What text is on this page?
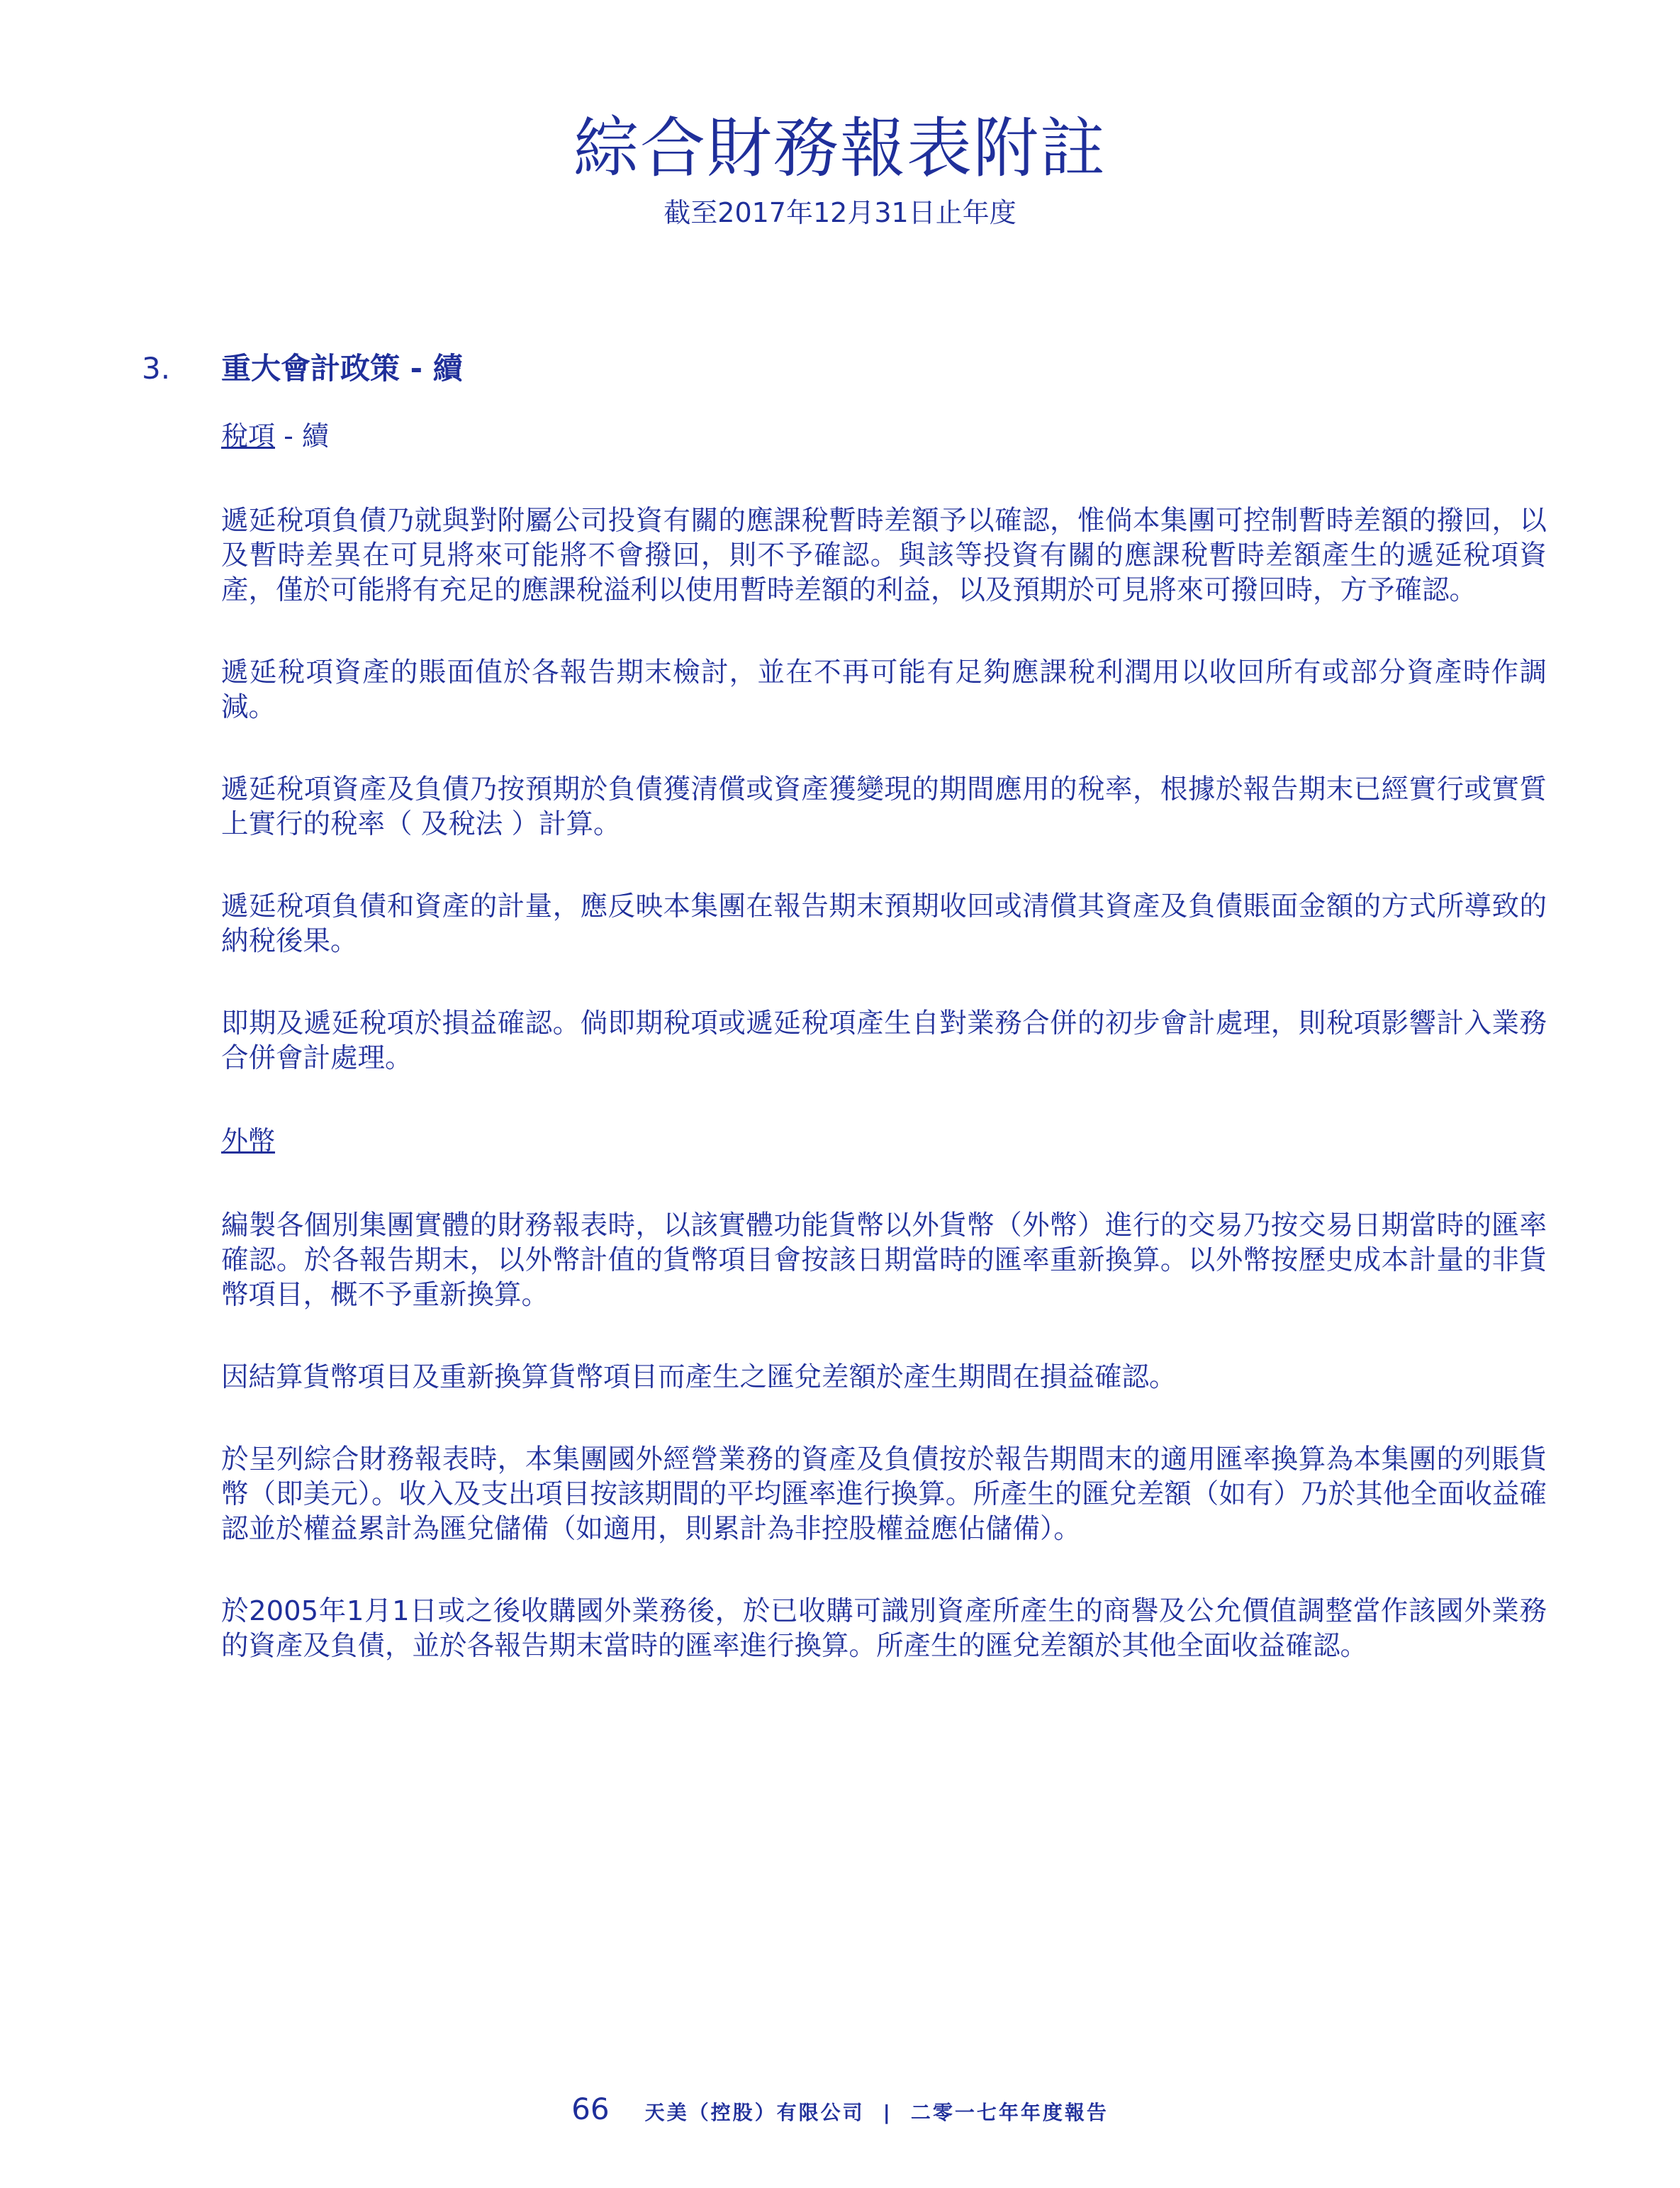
綜合財務報表附註
截至2017年12月31日止年度
3. 重大會計政策 - 續
稅項 - 續

遞延稅項負債乃就與對附屬公司投資有關的應課稅暫時差額予以確認，惟倘本集團可控制暫時差額的撥回，以及暫時差異在可見將來可能將不會撥回，則不予確認。與該等投資有關的應課稅暫時差額產生的遞延稅項資產，僅於可能將有充足的應課稅溢利以使用暫時差額的利益，以及預期於可見將來可撥回時，方予確認。

遞延稅項資產的賬面值於各報告期末檢討，並在不再可能有足夠應課稅利潤用以收回所有或部分資產時作調減。

遞延稅項資產及負債乃按預期於負債獲清償或資產獲變現的期間應用的稅率，根據於報告期末已經實行或實質上實行的稅率（ 及稅法 ）計算。

遞延稅項負債和資產的計量，應反映本集團在報告期末預期收回或清償其資產及負債賬面金額的方式所導致的納稅後果。

即期及遞延稅項於損益確認。倘即期稅項或遞延稅項產生自對業務合併的初步會計處理，則稅項影響計入業務合併會計處理。

外幣

編製各個別集團實體的財務報表時，以該實體功能貨幣以外貨幣（外幣）進行的交易乃按交易日期當時的匯率確認。於各報告期末，以外幣計值的貨幣項目會按該日期當時的匯率重新換算。以外幣按歷史成本計量的非貨幣項目，概不予重新換算。

因結算貨幣項目及重新換算貨幣項目而產生之匯兌差額於產生期間在損益確認。

於呈列綜合財務報表時，本集團國外經營業務的資產及負債按於報告期間末的適用匯率換算為本集團的列賬貨幣（即美元）。收入及支出項目按該期間的平均匯率進行換算。所產生的匯兌差額（如有）乃於其他全面收益確認並於權益累計為匯兌儲備（如適用，則累計為非控股權益應佔儲備）。

於2005年1月1日或之後收購國外業務後，於已收購可識別資產所產生的商譽及公允價值調整當作該國外業務的資產及負債，並於各報告期末當時的匯率進行換算。所產生的匯兌差額於其他全面收益確認。

66 天美（控股）有限公司 | 二零一七年年度報告
